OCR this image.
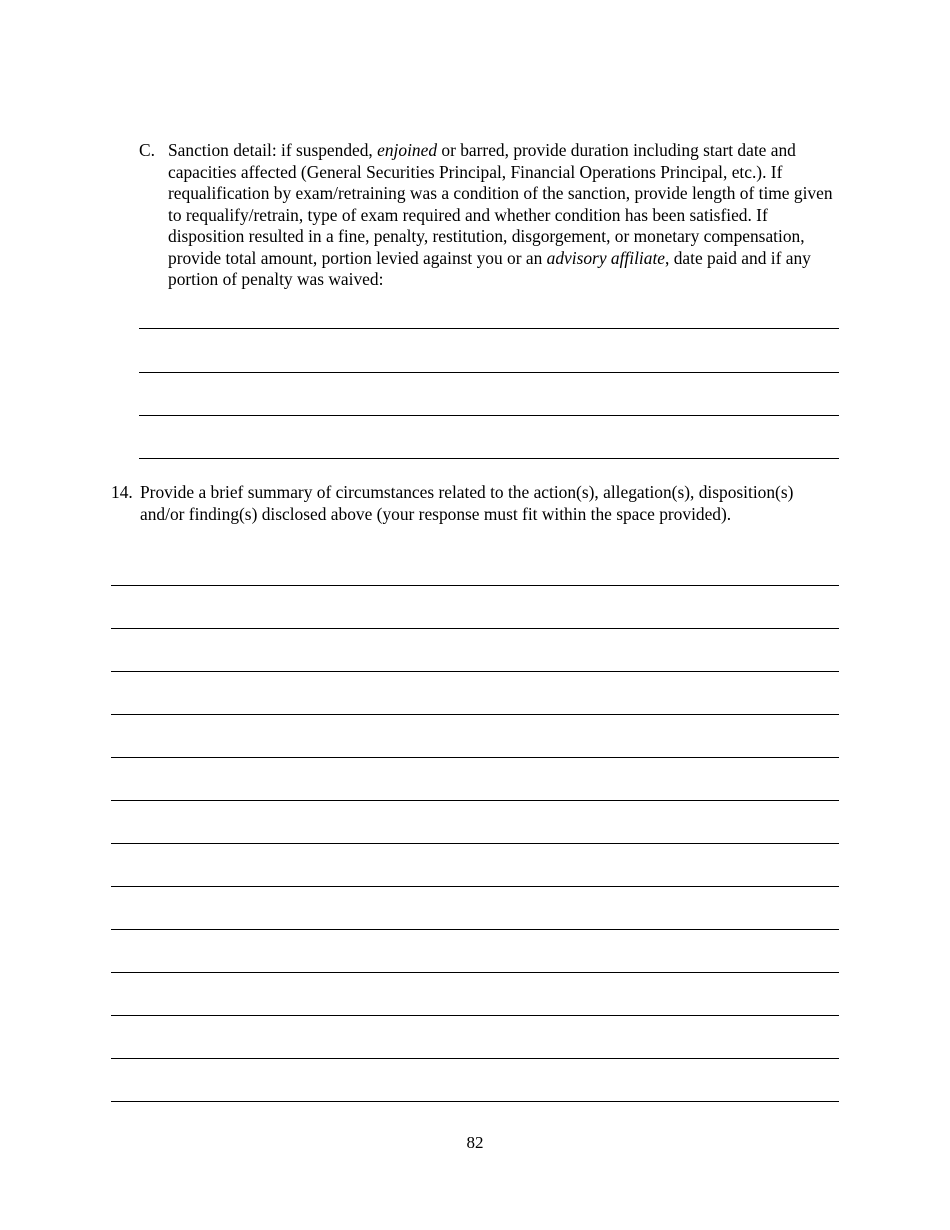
C. Sanction detail: if suspended, enjoined or barred, provide duration including start date and capacities affected (General Securities Principal, Financial Operations Principal, etc.). If requalification by exam/retraining was a condition of the sanction, provide length of time given to requalify/retrain, type of exam required and whether condition has been satisfied. If disposition resulted in a fine, penalty, restitution, disgorgement, or monetary compensation, provide total amount, portion levied against you or an advisory affiliate, date paid and if any portion of penalty was waived:
14. Provide a brief summary of circumstances related to the action(s), allegation(s), disposition(s) and/or finding(s) disclosed above (your response must fit within the space provided).
82
